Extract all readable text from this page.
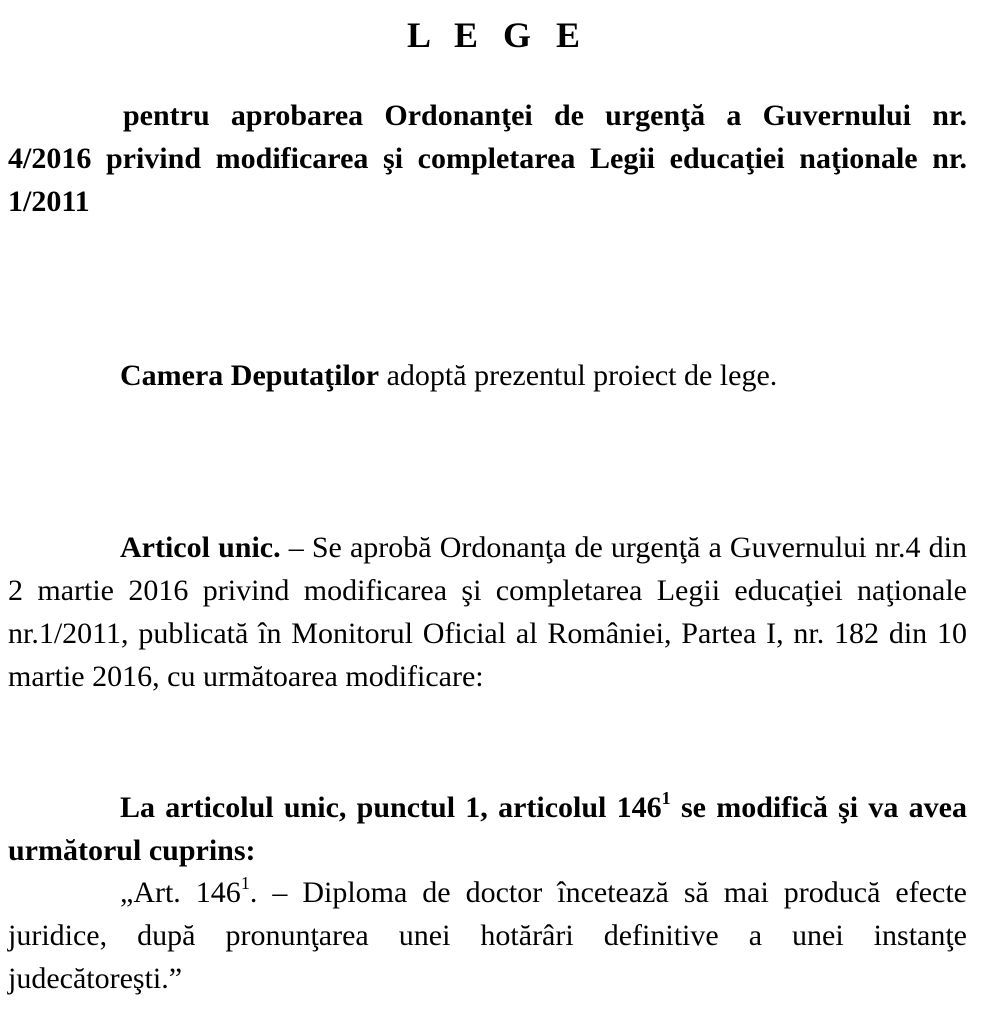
L E G E

pentru aprobarea Ordonanţei de urgenţă a Guvernului nr. 4/2016 privind modificarea şi completarea Legii educaţiei naţionale nr. 1/2011

Camera Deputaţilor adoptă prezentul proiect de lege.

Articol unic. – Se aprobă Ordonanţa de urgenţă a Guvernului nr.4 din 2 martie 2016 privind modificarea şi completarea Legii educaţiei naţionale nr.1/2011, publicată în Monitorul Oficial al României, Partea I, nr. 182 din 10 martie 2016, cu următoarea modificare:

La articolul unic, punctul 1, articolul $146^1$ se modifică şi va avea următorul cuprins:

„Art. $146^1$. – Diploma de doctor încetează să mai producă efecte juridice, după pronunţarea unei hotărâri definitive a unei instanţe judecătoreşti.”
